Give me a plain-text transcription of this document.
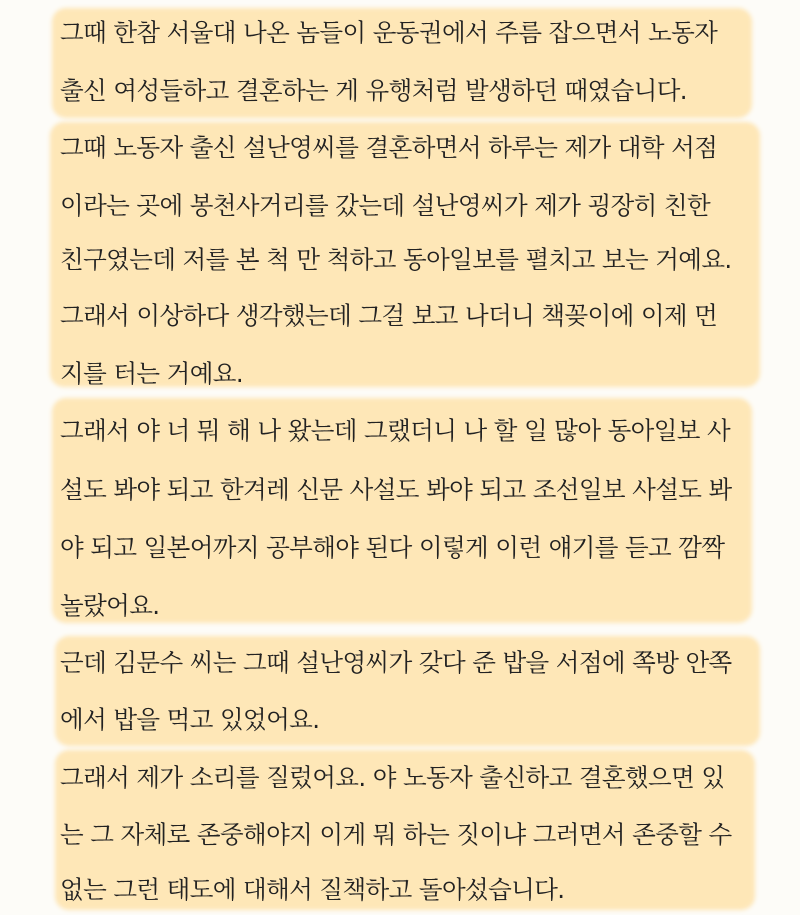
그때 한참 서울대 나온 놈들이 운동권에서 주름 잡으면서 노동자
출신 여성들하고 결혼하는 게 유행처럼 발생하던 때였습니다.
그때 노동자 출신 설난영씨를 결혼하면서 하루는 제가 대학 서점
이라는 곳에 봉천사거리를 갔는데 설난영씨가 제가 굉장히 친한
친구였는데 저를 본 척 만 척하고 동아일보를 펼치고 보는 거예요.
그래서 이상하다 생각했는데 그걸 보고 나더니 책꽂이에 이제 먼
지를 터는 거예요.
그래서 야 너 뭐 해 나 왔는데 그랬더니 나 할 일 많아 동아일보 사
설도 봐야 되고 한겨레 신문 사설도 봐야 되고 조선일보 사설도 봐
야 되고 일본어까지 공부해야 된다 이렇게 이런 얘기를 듣고 깜짝
놀랐어요.
근데 김문수 씨는 그때 설난영씨가 갖다 준 밥을 서점에 쪽방 안쪽
에서 밥을 먹고 있었어요.
그래서 제가 소리를 질렀어요. 야 노동자 출신하고 결혼했으면 있
는 그 자체로 존중해야지 이게 뭐 하는 짓이냐 그러면서 존중할 수
없는 그런 태도에 대해서 질책하고 돌아섰습니다.
